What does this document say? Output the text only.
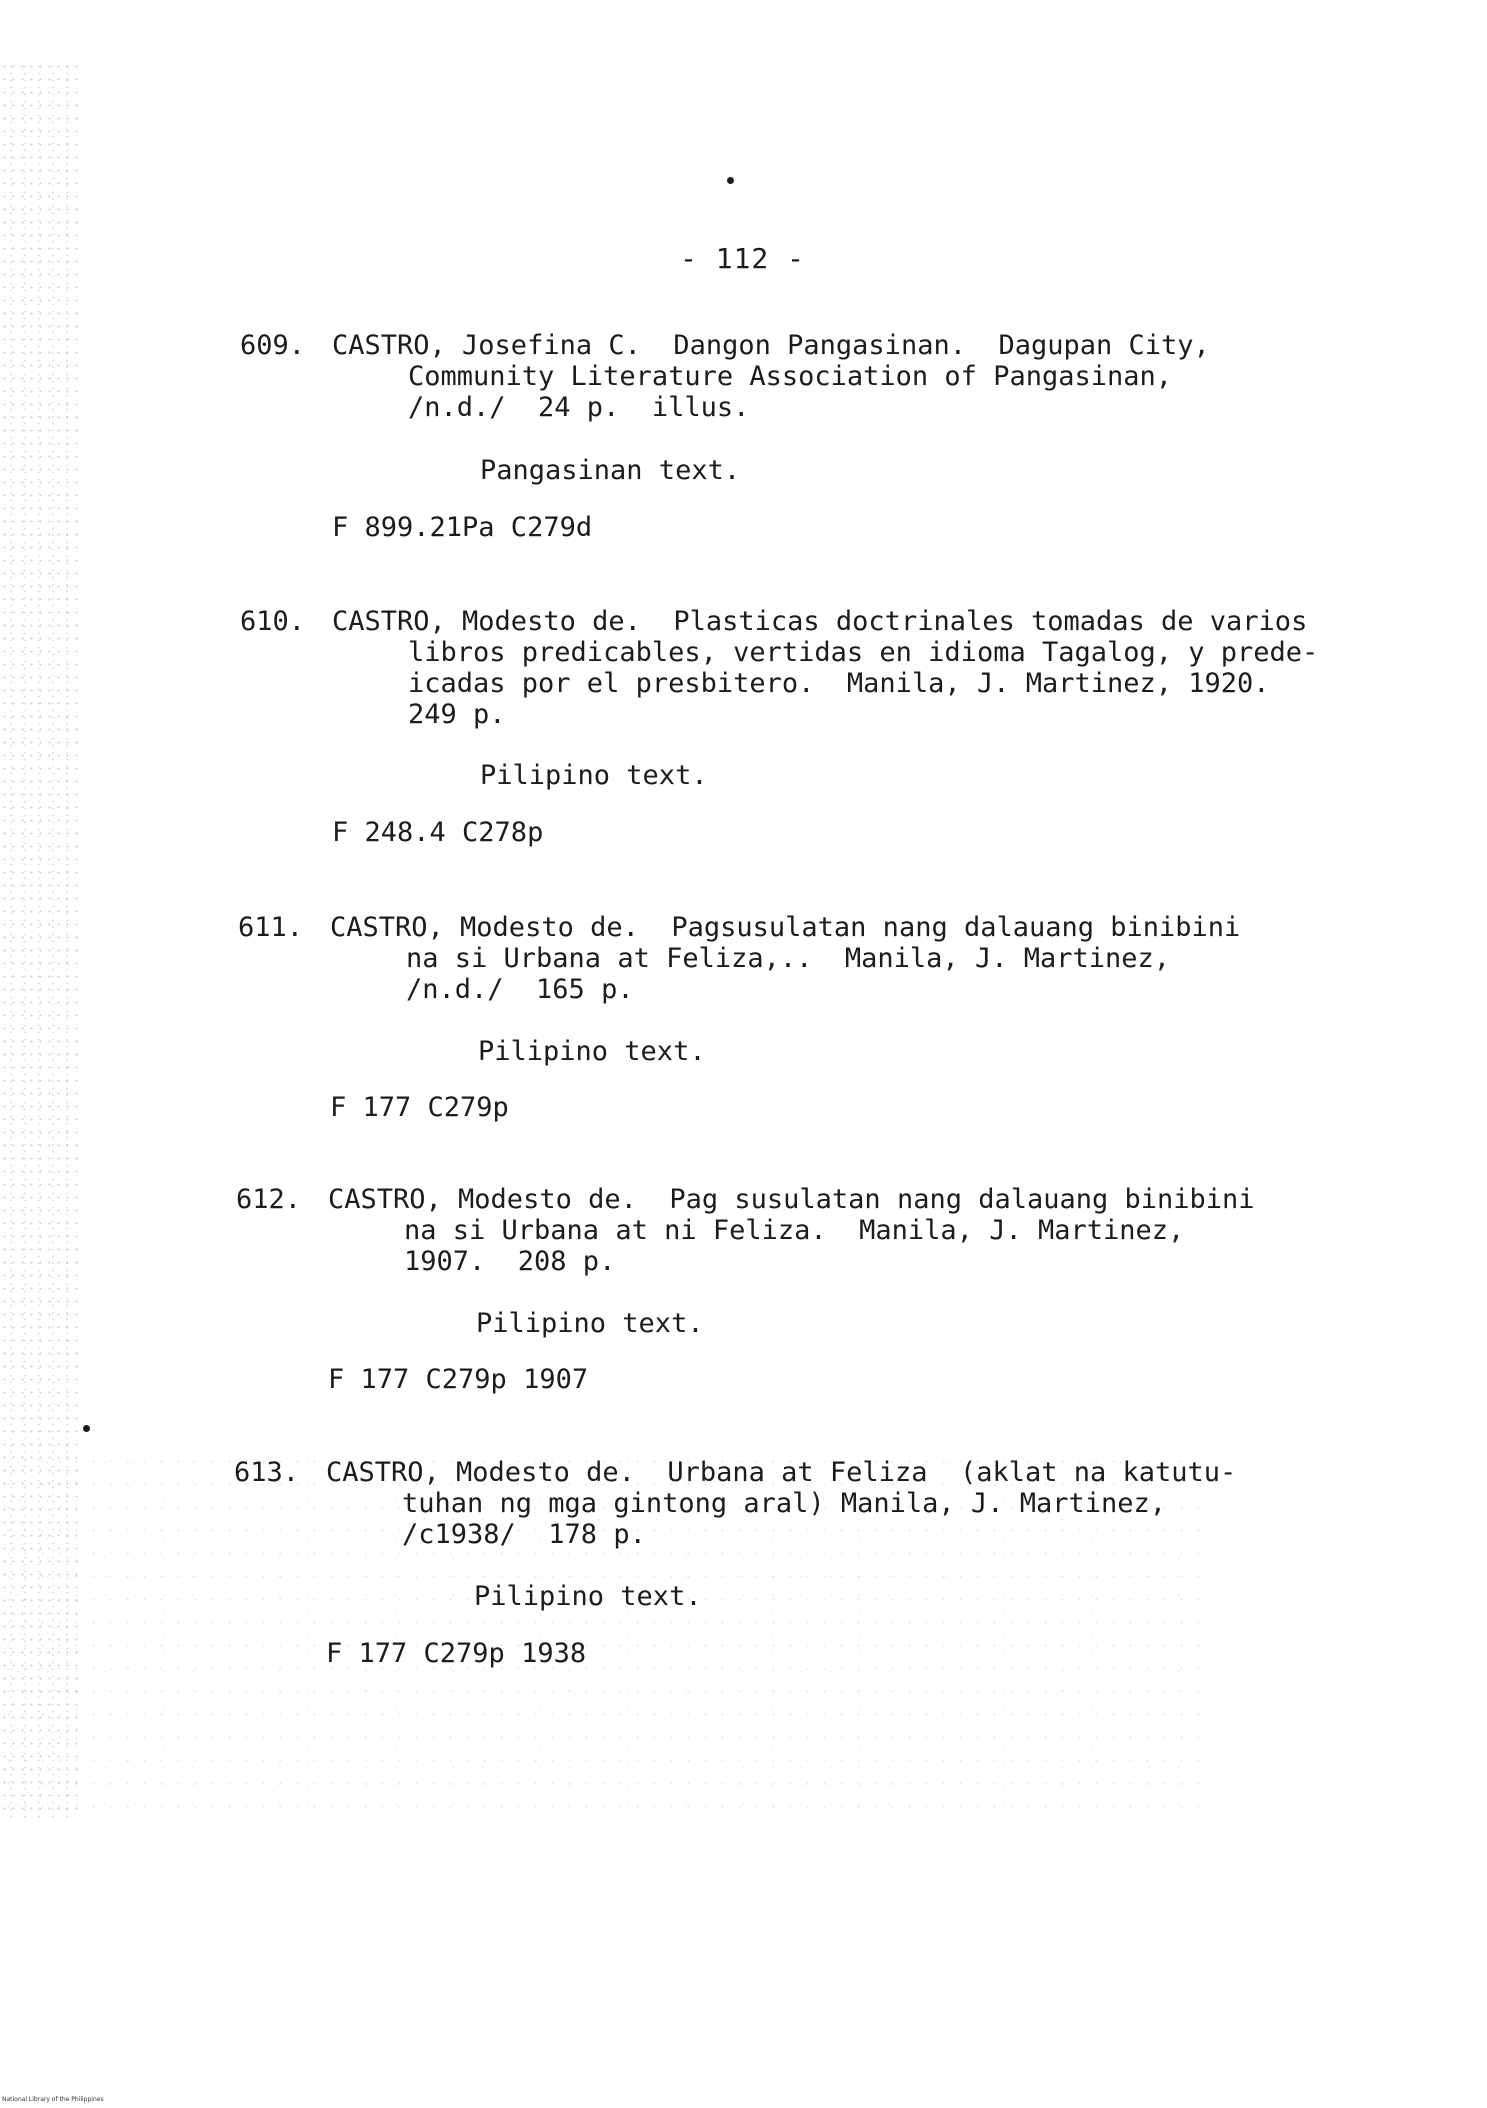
- 112 -

609.

CASTRO, Josefina C.  Dangon Pangasinan.  Dagupan City,

Community Literature Association of Pangasinan,

∕n.d.∕  24 p.  illus.

Pangasinan text.

F 899.21Pa C279d

610.

CASTRO, Modesto de.  Plasticas doctrinales tomadas de varios

libros predicables, vertidas en idioma Tagalog, y prede-

icadas por el presbitero.  Manila, J. Martinez, 1920.

249 p.

Pilipino text.

F 248.4 C278p

611.

CASTRO, Modesto de.  Pagsusulatan nang dalauang binibini

na si Urbana at Feliza,..  Manila, J. Martinez,

∕n.d.∕  165 p.

Pilipino text.

F 177 C279p

612.

CASTRO, Modesto de.  Pag susulatan nang dalauang binibini

na si Urbana at ni Feliza.  Manila, J. Martinez,

1907.  208 p.

Pilipino text.

F 177 C279p 1907

613.

CASTRO, Modesto de.  Urbana at Feliza  (aklat na katutu-

tuhan ng mga gintong aral) Manila, J. Martinez,

∕c1938∕  178 p.

Pilipino text.

F 177 C279p 1938

National Library of the Philippines
